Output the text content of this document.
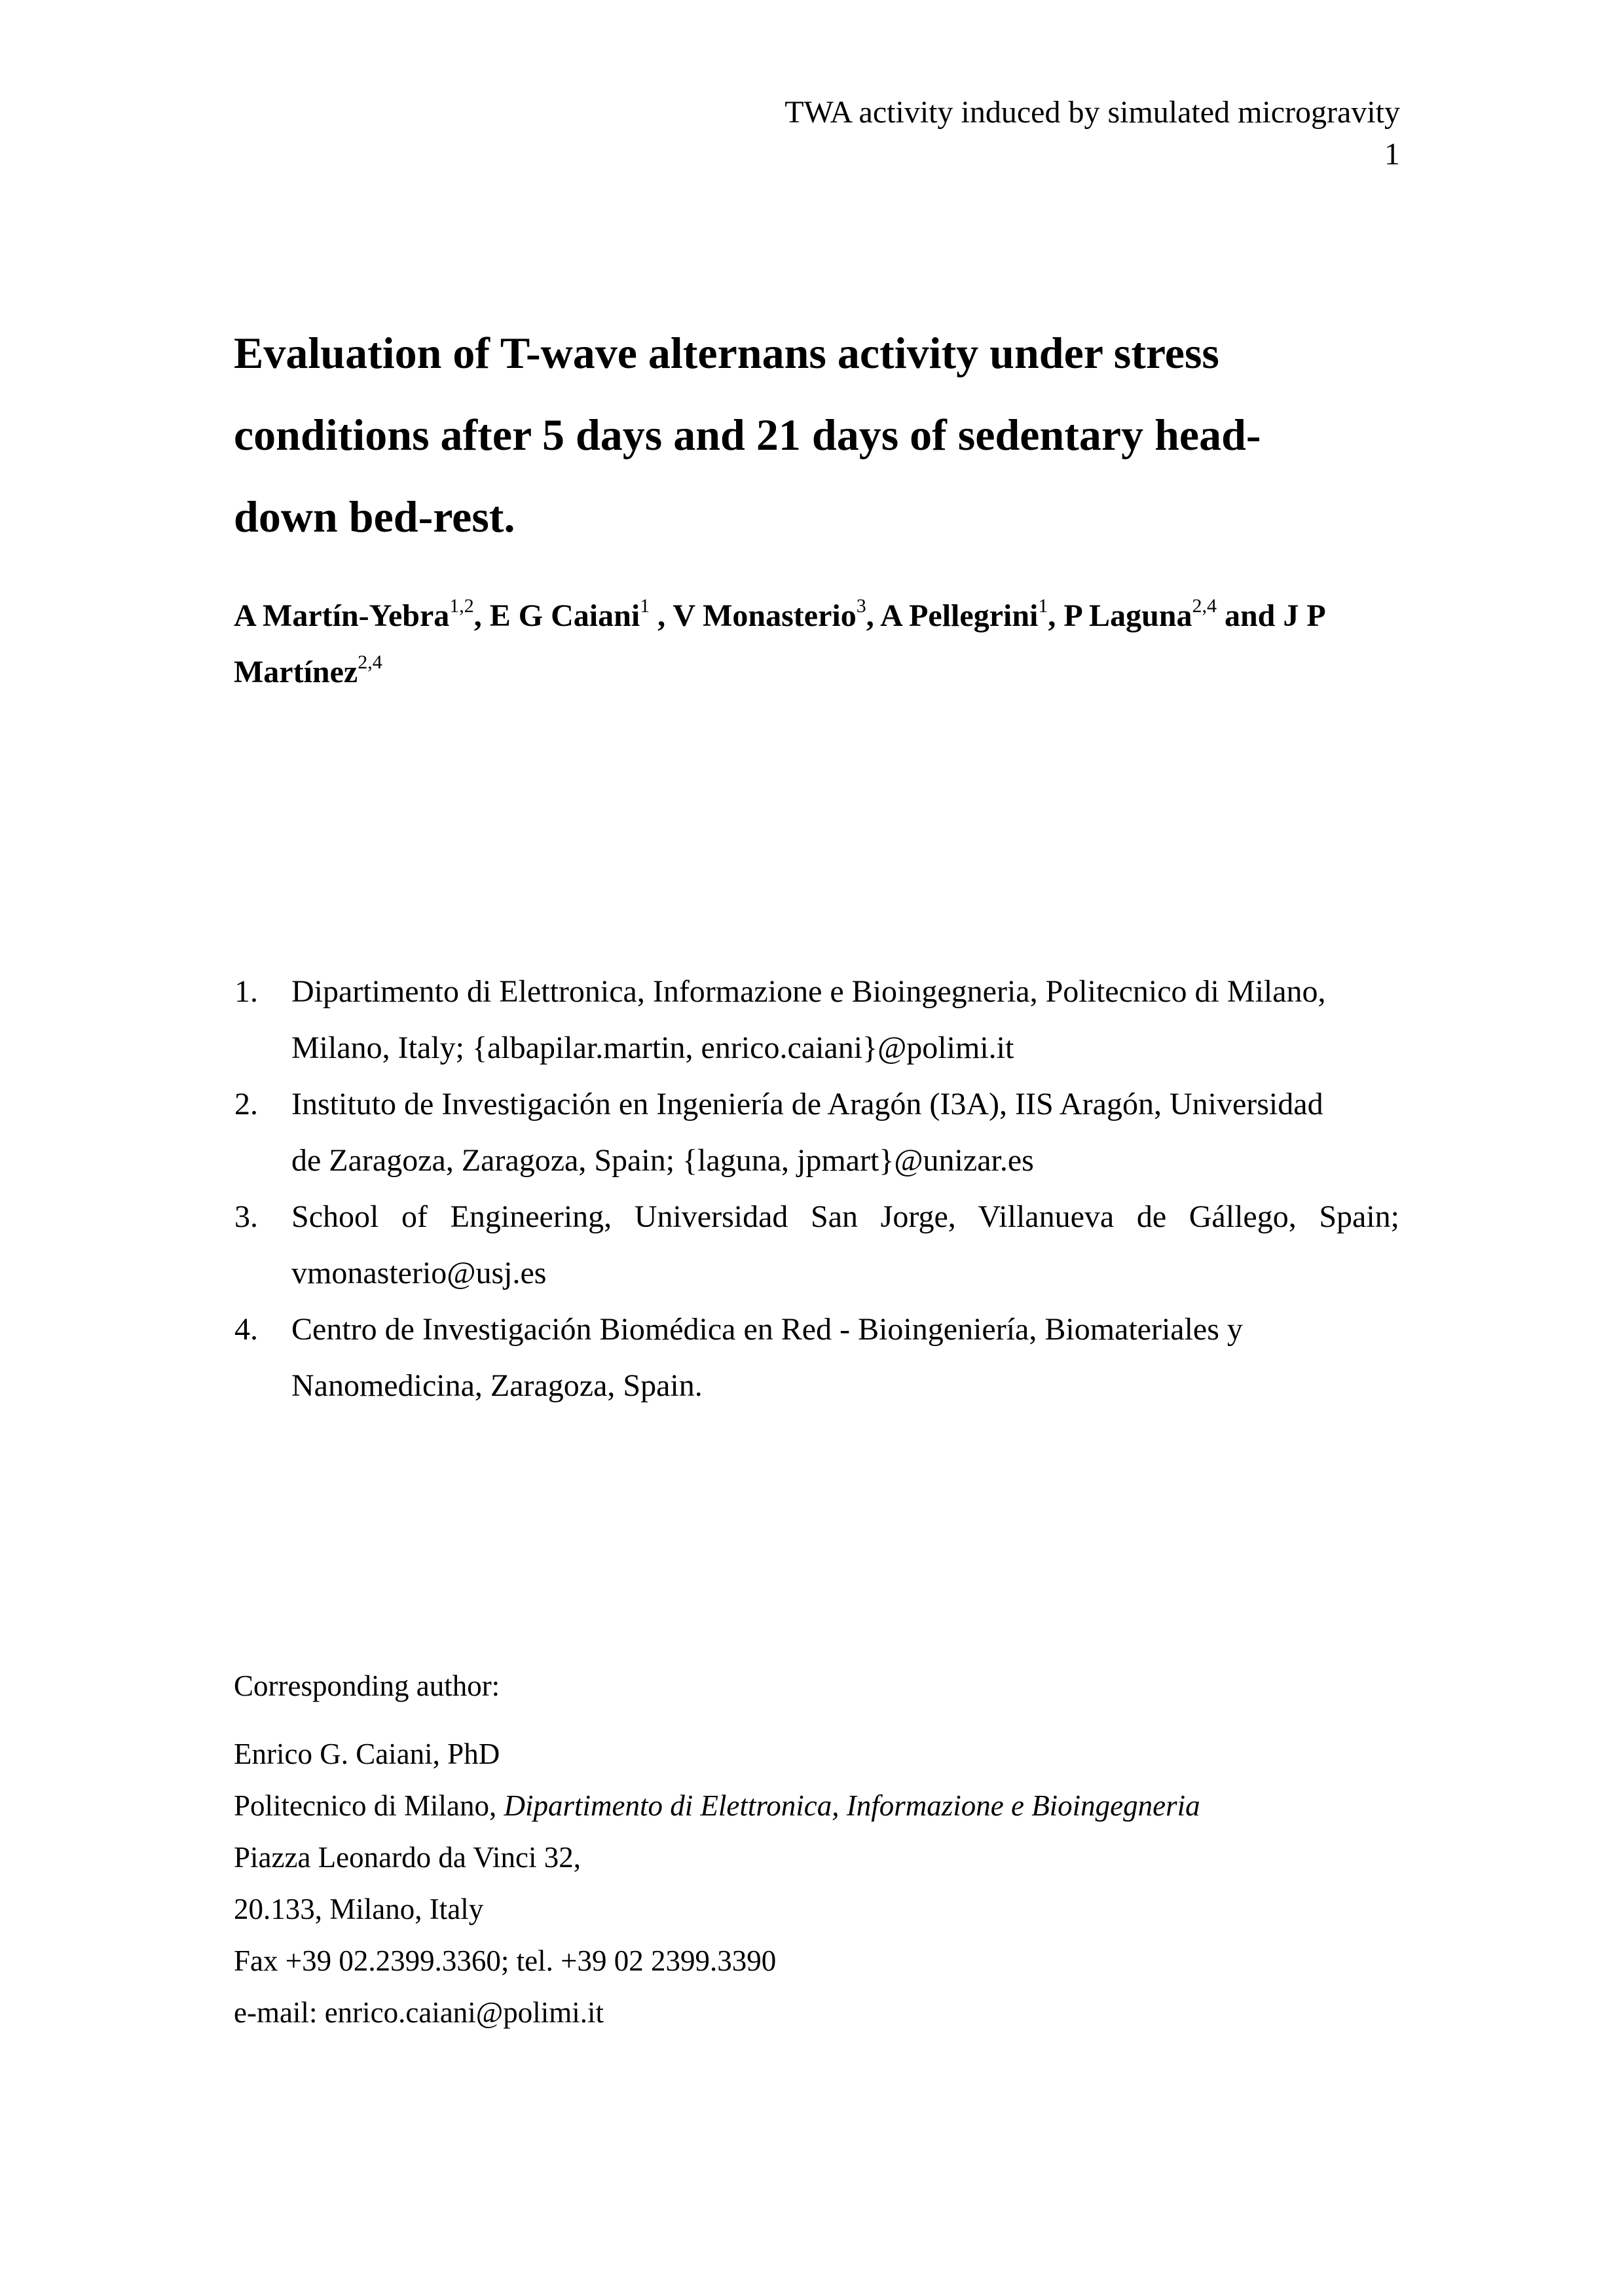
TWA activity induced by simulated microgravity
1
Evaluation of T-wave alternans activity under stress
conditions after 5 days and 21 days of sedentary head-
down bed-rest.
A Martín-Yebra$^{1,2}$, E G Caiani$^1$ , V Monasterio$^3$, A Pellegrini$^1$, P Laguna$^{2,4}$ and J P
Martínez$^{2,4}$
1. Dipartimento di Elettronica, Informazione e Bioingegneria, Politecnico di Milano,
Milano, Italy; {albapilar.martin, enrico.caiani}@polimi.it
2. Instituto de Investigación en Ingeniería de Aragón (I3A), IIS Aragón, Universidad
de Zaragoza, Zaragoza, Spain; {laguna, jpmart}@unizar.es
3. School of Engineering, Universidad San Jorge, Villanueva de Gállego, Spain;
vmonasterio@usj.es
4. Centro de Investigación Biomédica en Red - Bioingeniería, Biomateriales y
Nanomedicina, Zaragoza, Spain.
Corresponding author:
Enrico G. Caiani, PhD
Politecnico di Milano, Dipartimento di Elettronica, Informazione e Bioingegneria
Piazza Leonardo da Vinci 32,
20.133, Milano, Italy
Fax +39 02.2399.3360; tel. +39 02 2399.3390
e-mail: enrico.caiani@polimi.it
